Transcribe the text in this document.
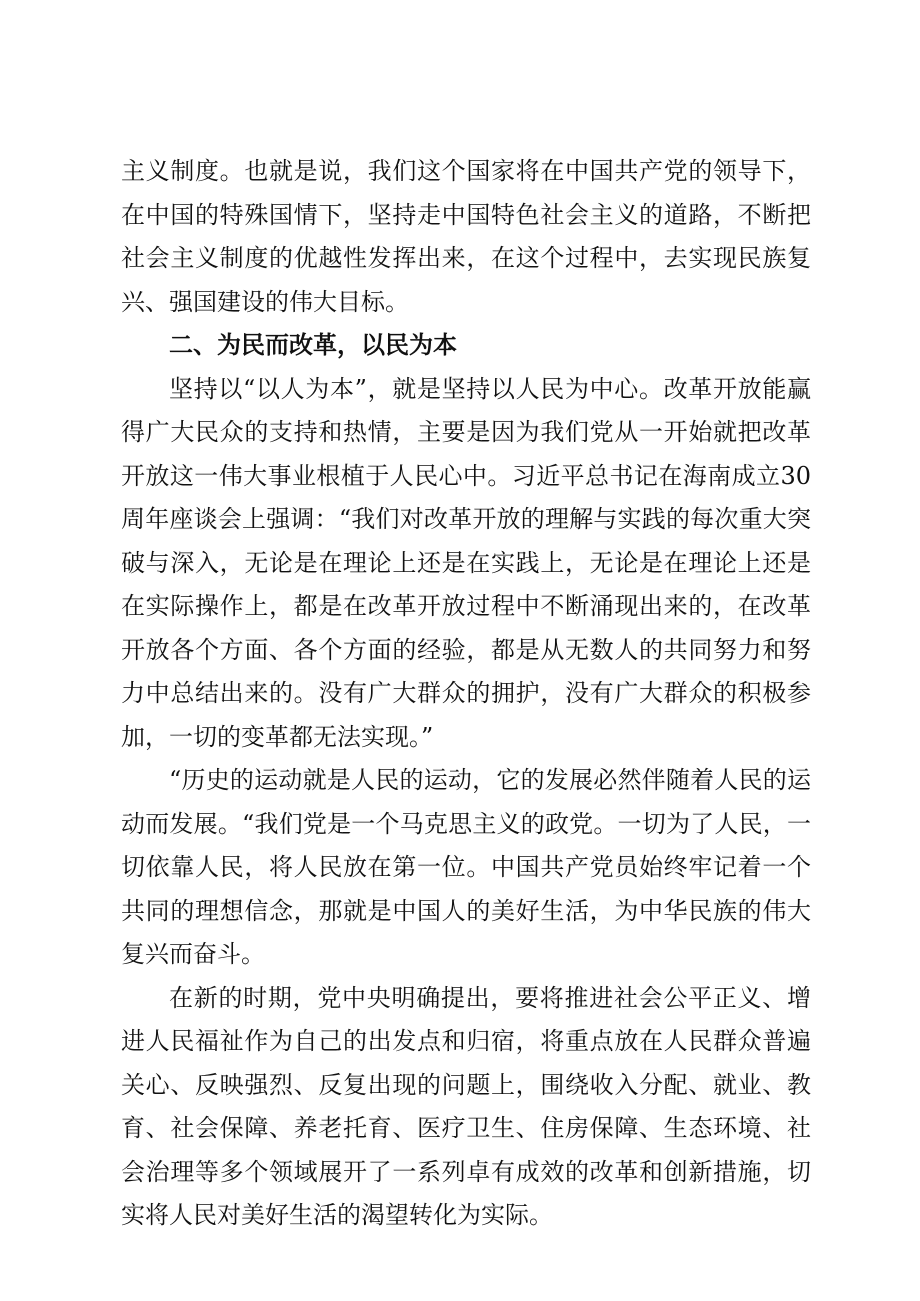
主义制度。也就是说，我们这个国家将在中国共产党的领导下，在中国的特殊国情下，坚持走中国特色社会主义的道路，不断把社会主义制度的优越性发挥出来，在这个过程中，去实现民族复兴、强国建设的伟大目标。

二、为民而改革，以民为本

坚持以“以人为本”，就是坚持以人民为中心。改革开放能赢得广大民众的支持和热情，主要是因为我们党从一开始就把改革开放这一伟大事业根植于人民心中。习近平总书记在海南成立30周年座谈会上强调：“我们对改革开放的理解与实践的每次重大突破与深入，无论是在理论上还是在实践上，无论是在理论上还是在实际操作上，都是在改革开放过程中不断涌现出来的，在改革开放各个方面、各个方面的经验，都是从无数人的共同努力和努力中总结出来的。没有广大群众的拥护，没有广大群众的积极参加，一切的变革都无法实现。”

“历史的运动就是人民的运动，它的发展必然伴随着人民的运动而发展。“我们党是一个马克思主义的政党。一切为了人民，一切依靠人民，将人民放在第一位。中国共产党员始终牢记着一个共同的理想信念，那就是中国人的美好生活，为中华民族的伟大复兴而奋斗。

在新的时期，党中央明确提出，要将推进社会公平正义、增进人民福祉作为自己的出发点和归宿，将重点放在人民群众普遍关心、反映强烈、反复出现的问题上，围绕收入分配、就业、教育、社会保障、养老托育、医疗卫生、住房保障、生态环境、社会治理等多个领域展开了一系列卓有成效的改革和创新措施，切实将人民对美好生活的渴望转化为实际。
